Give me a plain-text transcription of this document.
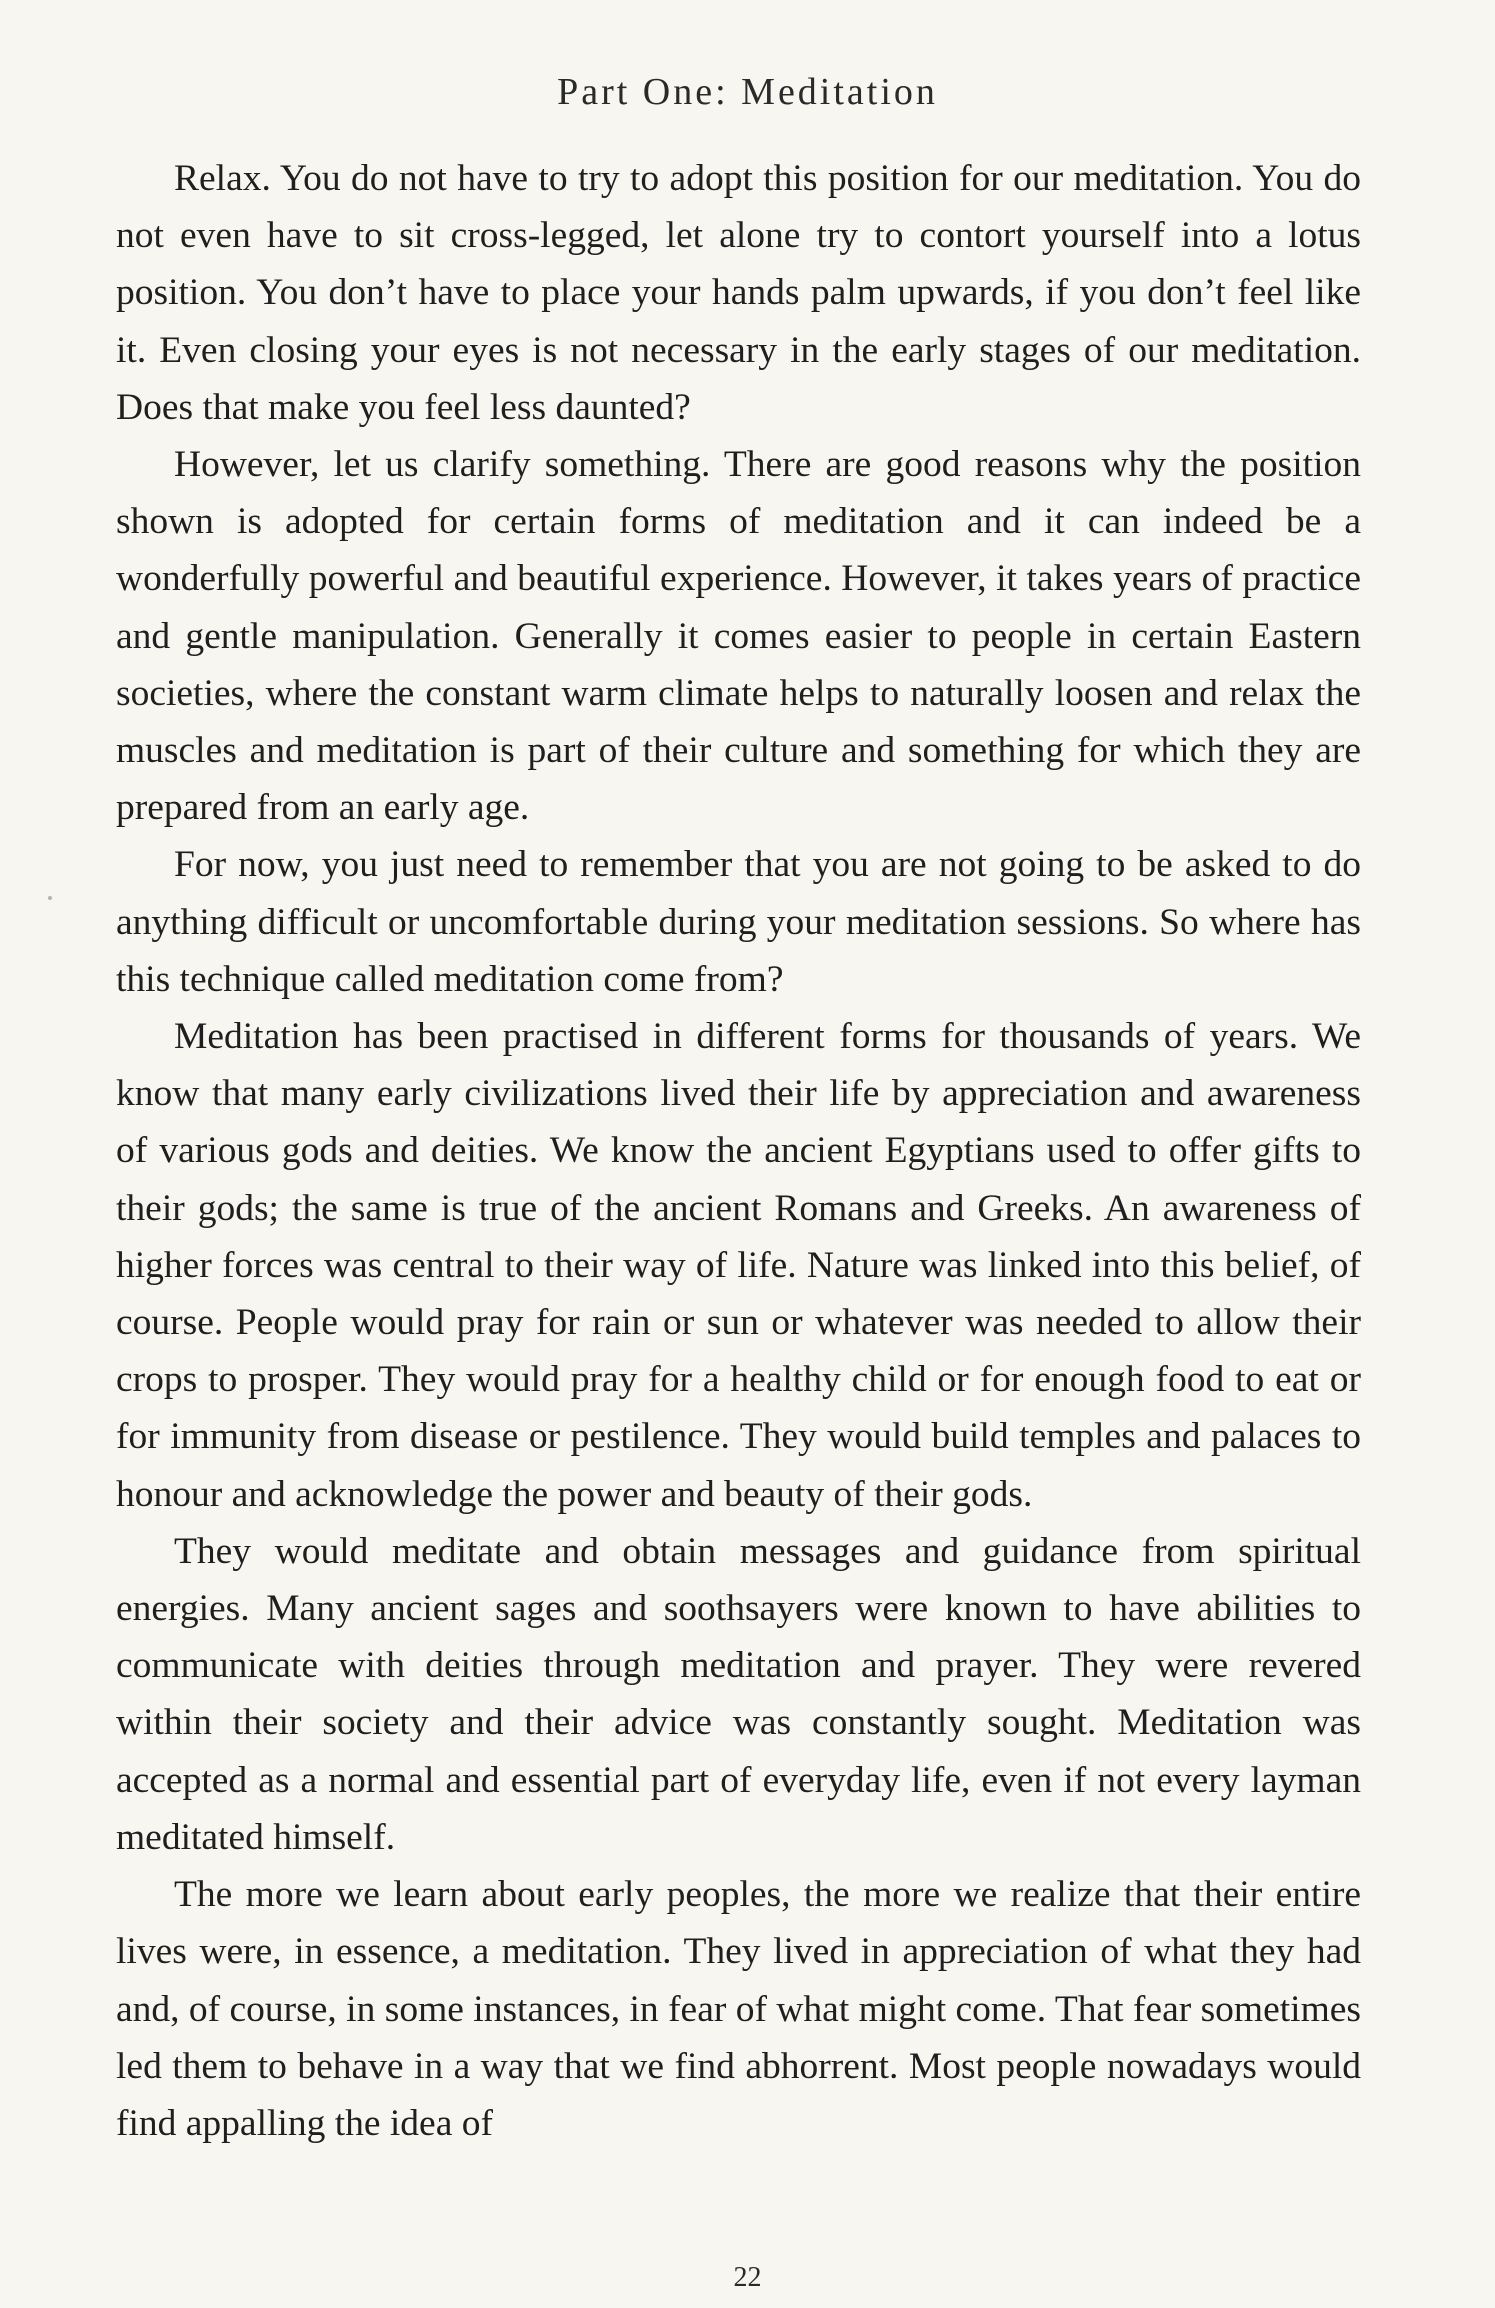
Part One: Meditation

Relax. You do not have to try to adopt this position for our meditation. You do not even have to sit cross-legged, let alone try to contort yourself into a lotus position. You don’t have to place your hands palm upwards, if you don’t feel like it. Even closing your eyes is not necessary in the early stages of our meditation. Does that make you feel less daunted?

However, let us clarify something. There are good reasons why the position shown is adopted for certain forms of meditation and it can indeed be a wonderfully powerful and beautiful experience. However, it takes years of practice and gentle manipulation. Generally it comes easier to people in certain Eastern societies, where the constant warm climate helps to naturally loosen and relax the muscles and meditation is part of their culture and something for which they are prepared from an early age.

For now, you just need to remember that you are not going to be asked to do anything difficult or uncomfortable during your meditation sessions. So where has this technique called meditation come from?

Meditation has been practised in different forms for thousands of years. We know that many early civilizations lived their life by appreciation and awareness of various gods and deities. We know the ancient Egyptians used to offer gifts to their gods; the same is true of the ancient Romans and Greeks. An awareness of higher forces was central to their way of life. Nature was linked into this belief, of course. People would pray for rain or sun or whatever was needed to allow their crops to prosper. They would pray for a healthy child or for enough food to eat or for immunity from disease or pestilence. They would build temples and palaces to honour and acknowledge the power and beauty of their gods.

They would meditate and obtain messages and guidance from spiritual energies. Many ancient sages and soothsayers were known to have abilities to communicate with deities through meditation and prayer. They were revered within their society and their advice was constantly sought. Meditation was accepted as a normal and essential part of everyday life, even if not every layman meditated himself.

The more we learn about early peoples, the more we realize that their entire lives were, in essence, a meditation. They lived in appreciation of what they had and, of course, in some instances, in fear of what might come. That fear sometimes led them to behave in a way that we find abhorrent. Most people nowadays would find appalling the idea of

22
